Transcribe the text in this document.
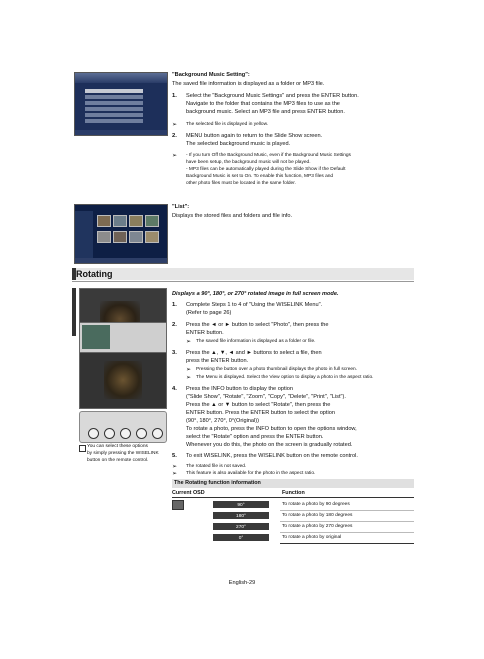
"Background Music Setting":
The saved file information is displayed as a folder or MP3 file.
1. Select the "Background Music Settings" and press the ENTER button.
Navigate to the folder that contains the MP3 files to use as the
background music. Select an MP3 file and press ENTER button.
➢ The selected file is displayed in yellow.
2. MENU button again to return to the Slide Show screen.
The selected background music is played.
➢ - If you turn Off the Background Music, even if the Background Music Settings
have been setup, the background music will not be played.
- MP3 files can be automatically played during the Slide Show if the Default
Background Music is set to On. To enable this function, MP3 files and
other photo files must be located in the same folder.
"List":
Displays the stored files and folders and file info.
Rotating
You can select these options
by simply pressing the WISELINK
button on the remote control.
Displays a 90°, 180°, or 270° rotated image in full screen mode.
1. Complete Steps 1 to 4 of "Using the WISELINK Menu".
(Refer to page 26)
2. Press the ◄ or ► button to select "Photo", then press the
ENTER button.
➢ The saved file information is displayed as a folder or file.
3. Press the ▲, ▼, ◄ and ► buttons to select a file, then
press the ENTER button.
➢ Pressing the button over a photo thumbnail displays the photo in full screen.
➢ The Menu is displayed. Select the View option to display a photo in the aspect ratio.
4. Press the INFO button to display the option
("Slide Show", "Rotate", "Zoom", "Copy", "Delete", "Print", "List").
Press the ▲ or ▼ button to select "Rotate", then press the
ENTER button. Press the ENTER button to select the option
(90°, 180°, 270°, 0°(Original))
To rotate a photo, press the INFO button to open the options window,
select the "Rotate" option and press the ENTER button.
Whenever you do this, the photo on the screen is gradually rotated.
5. To exit WISELINK, press the WISELINK button on the remote control.
➢ The rotated file is not saved.
➢ This feature is also available for the photo in the aspect ratio.
The Rotating function information
Current OSD	Function
90°	To rotate a photo by 90 degrees
180°	To rotate a photo by 180 degrees
270°	To rotate a photo by 270 degrees
0°	To rotate a photo by original
English-29
